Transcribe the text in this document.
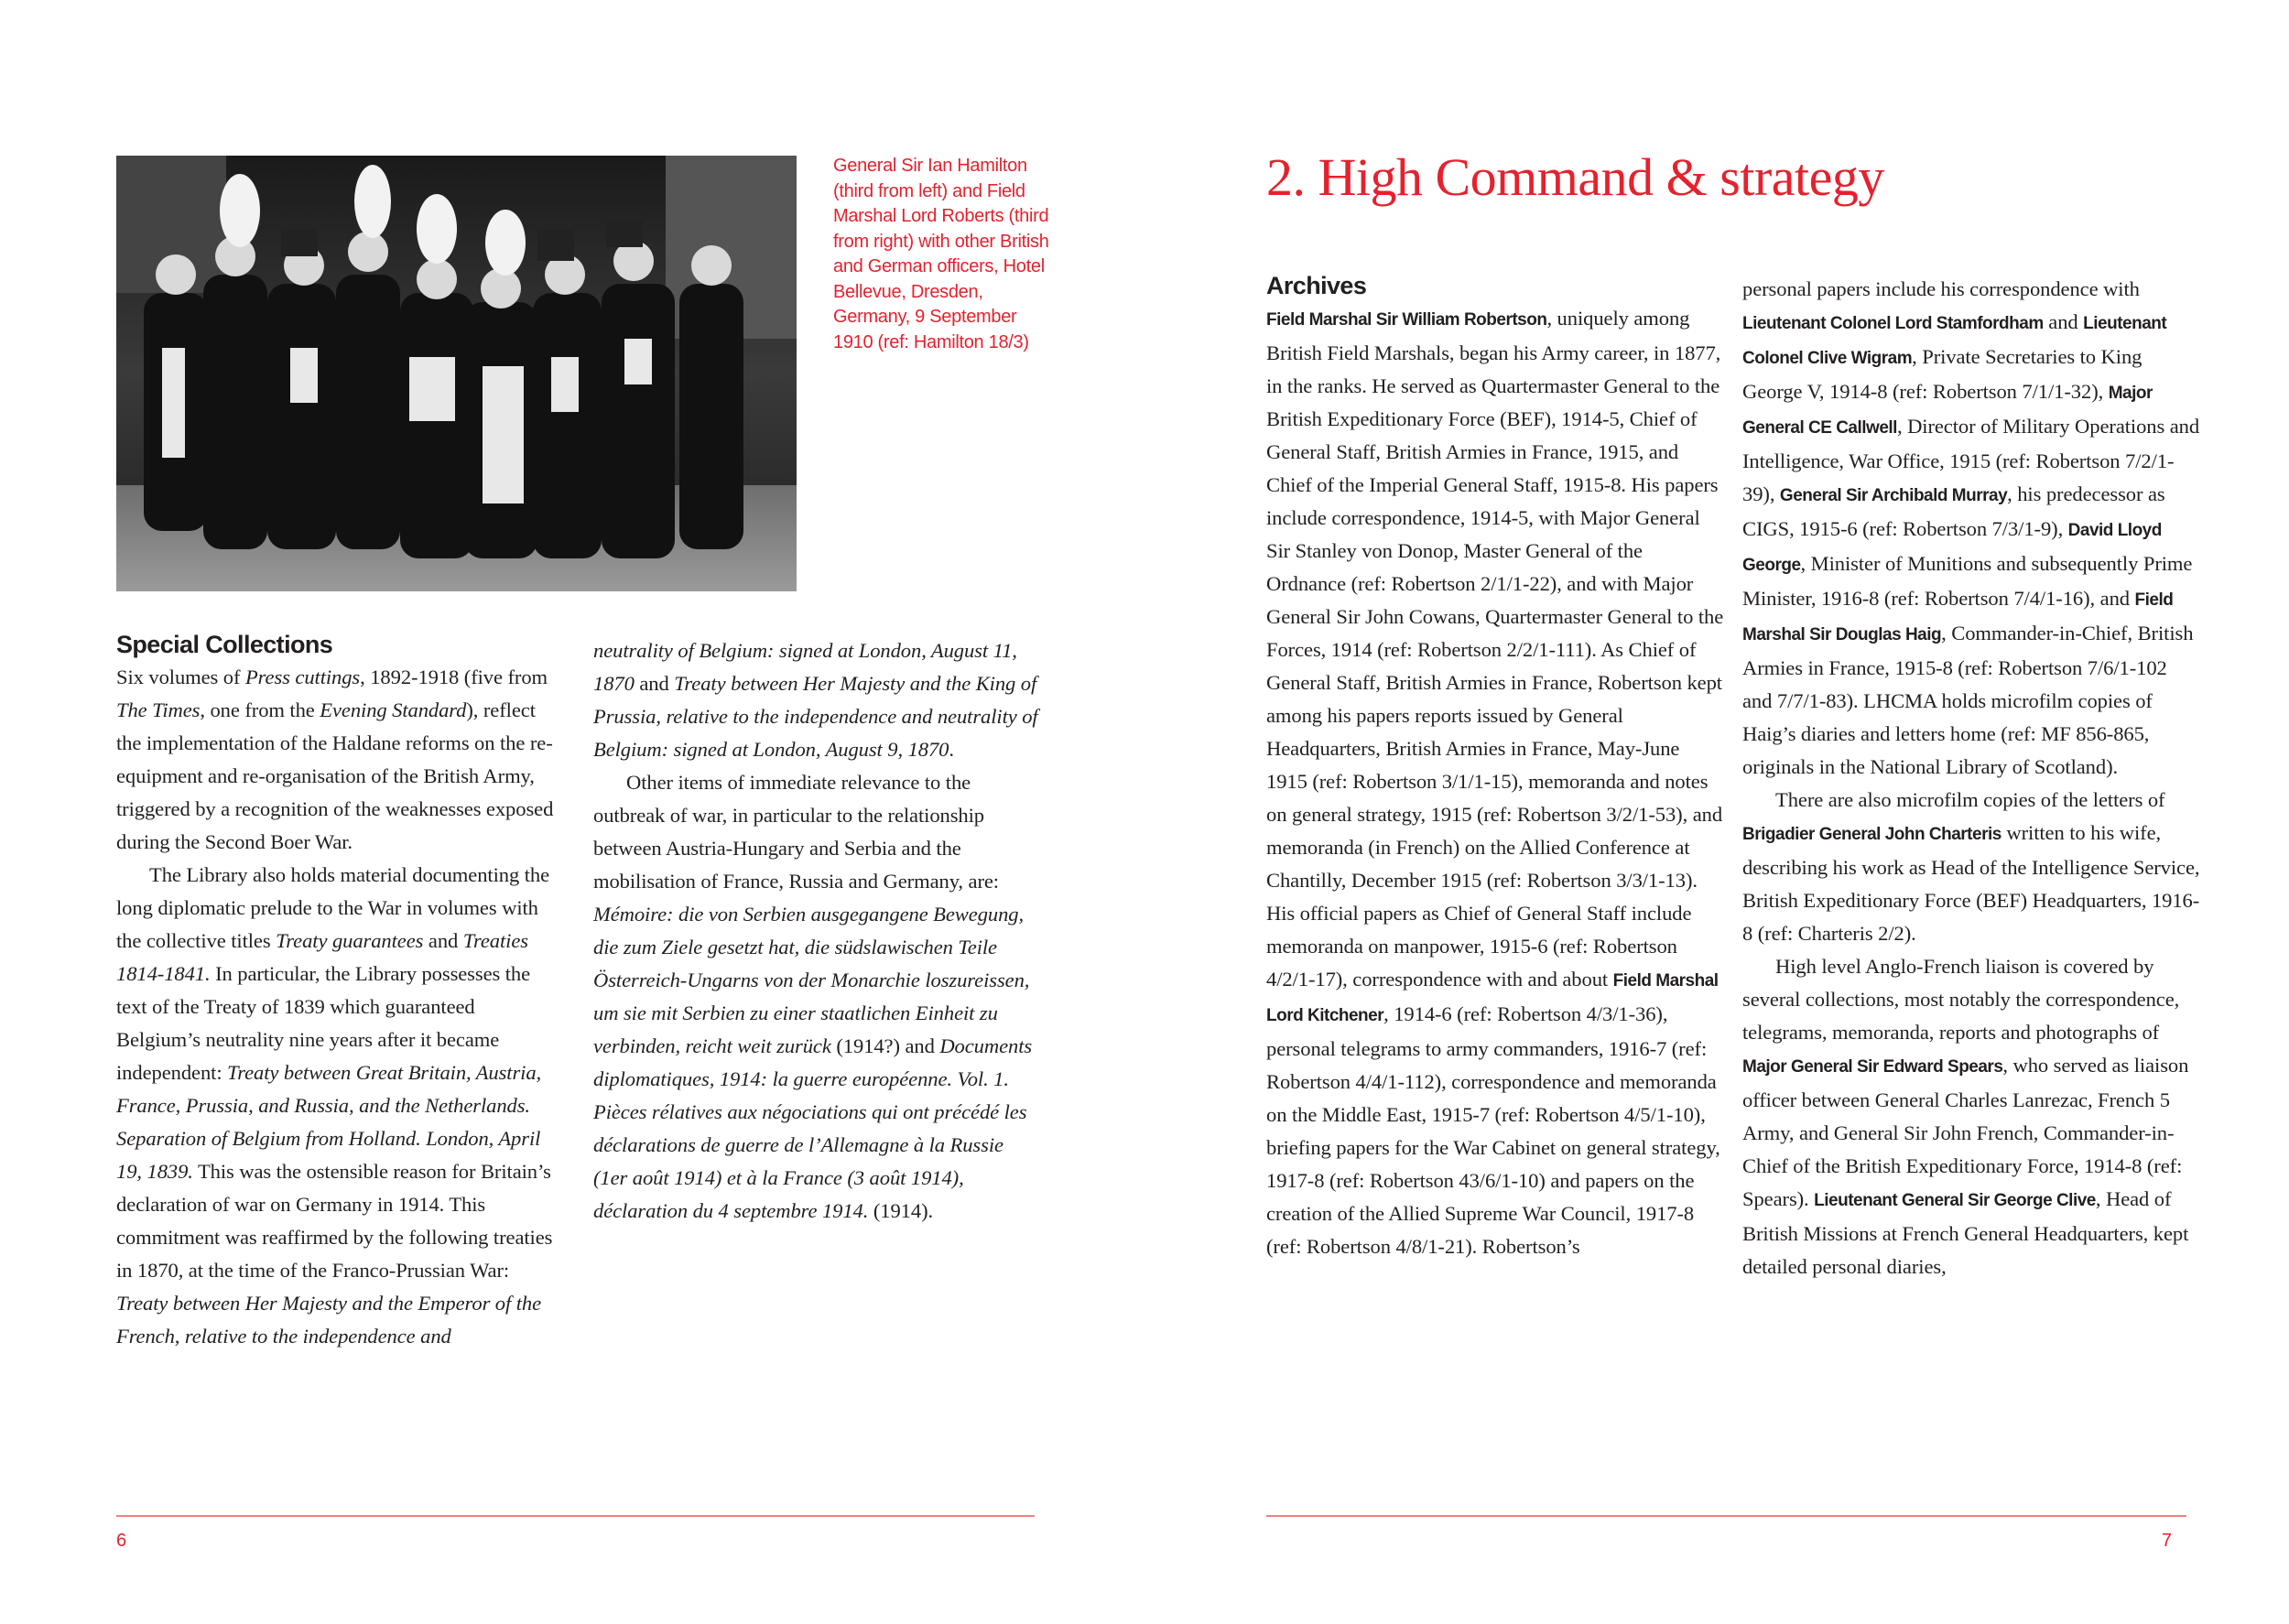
General Sir Ian Hamilton (third from left) and Field Marshal Lord Roberts (third from right) with other British and German officers, Hotel Bellevue, Dresden, Germany, 9 September 1910 (ref: Hamilton 18/3)
Special Collections

Six volumes of Press cuttings, 1892-1918 (five from The Times, one from the Evening Standard), reflect the implementation of the Haldane reforms on the re-equipment and re-organisation of the British Army, triggered by a recognition of the weaknesses exposed during the Second Boer War.

The Library also holds material documenting the long diplomatic prelude to the War in volumes with the collective titles Treaty guarantees and Treaties 1814-1841. In particular, the Library possesses the text of the Treaty of 1839 which guaranteed Belgium’s neutrality nine years after it became independent: Treaty between Great Britain, Austria, France, Prussia, and Russia, and the Netherlands. Separation of Belgium from Holland. London, April 19, 1839. This was the ostensible reason for Britain’s declaration of war on Germany in 1914. This commitment was reaffirmed by the following treaties in 1870, at the time of the Franco-Prussian War: Treaty between Her Majesty and the Emperor of the French, relative to the independence and

neutrality of Belgium: signed at London, August 11, 1870 and Treaty between Her Majesty and the King of Prussia, relative to the independence and neutrality of Belgium: signed at London, August 9, 1870.

Other items of immediate relevance to the outbreak of war, in particular to the relationship between Austria-Hungary and Serbia and the mobilisation of France, Russia and Germany, are: Mémoire: die von Serbien ausgegangene Bewegung, die zum Ziele gesetzt hat, die südslawischen Teile Österreich-Ungarns von der Monarchie loszureissen, um sie mit Serbien zu einer staatlichen Einheit zu verbinden, reicht weit zurück (1914?) and Documents diplomatiques, 1914: la guerre européenne. Vol. 1. Pièces rélatives aux négociations qui ont précédé les déclarations de guerre de l’Allemagne à la Russie (1er août 1914) et à la France (3 août 1914), déclaration du 4 septembre 1914. (1914).

6
2. High Command & strategy
Archives

Field Marshal Sir William Robertson, uniquely among British Field Marshals, began his Army career, in 1877, in the ranks. He served as Quartermaster General to the British Expeditionary Force (BEF), 1914-5, Chief of General Staff, British Armies in France, 1915, and Chief of the Imperial General Staff, 1915-8. His papers include correspondence, 1914-5, with Major General Sir Stanley von Donop, Master General of the Ordnance (ref: Robertson 2/1/1-22), and with Major General Sir John Cowans, Quartermaster General to the Forces, 1914 (ref: Robertson 2/2/1-111). As Chief of General Staff, British Armies in France, Robertson kept among his papers reports issued by General Headquarters, British Armies in France, May-June 1915 (ref: Robertson 3/1/1-15), memoranda and notes on general strategy, 1915 (ref: Robertson 3/2/1-53), and memoranda (in French) on the Allied Conference at Chantilly, December 1915 (ref: Robertson 3/3/1-13). His official papers as Chief of General Staff include memoranda on manpower, 1915-6 (ref: Robertson 4/2/1-17), correspondence with and about Field Marshal Lord Kitchener, 1914-6 (ref: Robertson 4/3/1-36), personal telegrams to army commanders, 1916-7 (ref: Robertson 4/4/1-112), correspondence and memoranda on the Middle East, 1915-7 (ref: Robertson 4/5/1-10), briefing papers for the War Cabinet on general strategy, 1917-8 (ref: Robertson 43/6/1-10) and papers on the creation of the Allied Supreme War Council, 1917-8 (ref: Robertson 4/8/1-21). Robertson’s

personal papers include his correspondence with Lieutenant Colonel Lord Stamfordham and Lieutenant Colonel Clive Wigram, Private Secretaries to King George V, 1914-8 (ref: Robertson 7/1/1-32), Major General CE Callwell, Director of Military Operations and Intelligence, War Office, 1915 (ref: Robertson 7/2/1-39), General Sir Archibald Murray, his predecessor as CIGS, 1915-6 (ref: Robertson 7/3/1-9), David Lloyd George, Minister of Munitions and subsequently Prime Minister, 1916-8 (ref: Robertson 7/4/1-16), and Field Marshal Sir Douglas Haig, Commander-in-Chief, British Armies in France, 1915-8 (ref: Robertson 7/6/1-102 and 7/7/1-83). LHCMA holds microfilm copies of Haig’s diaries and letters home (ref: MF 856-865, originals in the National Library of Scotland).

There are also microfilm copies of the letters of Brigadier General John Charteris written to his wife, describing his work as Head of the Intelligence Service, British Expeditionary Force (BEF) Headquarters, 1916-8 (ref: Charteris 2/2).

High level Anglo-French liaison is covered by several collections, most notably the correspondence, telegrams, memoranda, reports and photographs of Major General Sir Edward Spears, who served as liaison officer between General Charles Lanrezac, French 5 Army, and General Sir John French, Commander-in-Chief of the British Expeditionary Force, 1914-8 (ref: Spears). Lieutenant General Sir George Clive, Head of British Missions at French General Headquarters, kept detailed personal diaries,

7
